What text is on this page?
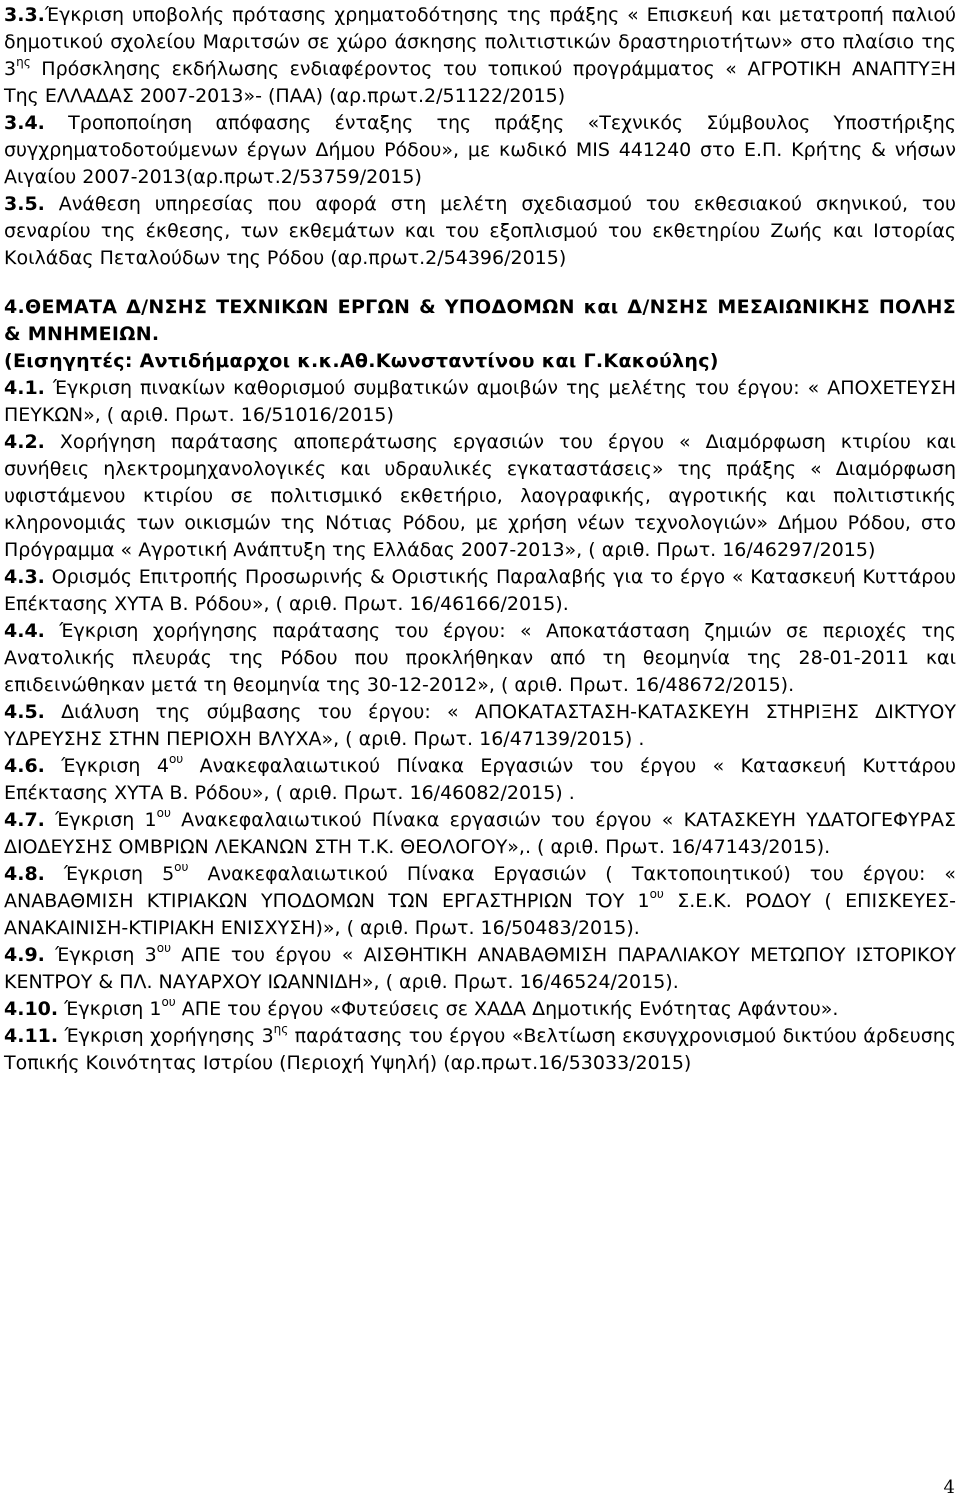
3.3.Έγκριση υποβολής πρότασης χρηματοδότησης της πράξης « Επισκευή και μετατροπή παλιού δημοτικού σχολείου Μαριτσών σε χώρο άσκησης πολιτιστικών δραστηριοτήτων» στο πλαίσιο της $3^{\eta\varsigma}$ Πρόσκλησης εκδήλωσης ενδιαφέροντος του τοπικού προγράμματος « ΑΓΡΟΤΙΚΗ ΑΝΑΠΤΥΞΗ Της ΕΛΛΑΔΑΣ 2007-2013»- (ΠΑΑ) (αρ.πρωτ.2/51122/2015)

3.4. Τροποποίηση απόφασης ένταξης της πράξης «Τεχνικός Σύμβουλος Υποστήριξης συγχρηματοδοτούμενων έργων Δήμου Ρόδου», με κωδικό MIS 441240 στο Ε.Π. Κρήτης & νήσων Αιγαίου 2007-2013(αρ.πρωτ.2/53759/2015)

3.5. Ανάθεση υπηρεσίας που αφορά στη μελέτη σχεδιασμού του εκθεσιακού σκηνικού, του σεναρίου της έκθεσης, των εκθεμάτων και του εξοπλισμού του εκθετηρίου Ζωής και Ιστορίας Κοιλάδας Πεταλούδων της Ρόδου (αρ.πρωτ.2/54396/2015)

4.ΘΕΜΑΤΑ Δ/ΝΣΗΣ ΤΕΧΝΙΚΩΝ ΕΡΓΩΝ & ΥΠΟΔΟΜΩΝ και Δ/ΝΣΗΣ ΜΕΣΑΙΩΝΙΚΗΣ ΠΟΛΗΣ & ΜΝΗΜΕΙΩΝ.

(Εισηγητές: Αντιδήμαρχοι κ.κ.Αθ.Κωνσταντίνου και Γ.Κακούλης)

4.1. Έγκριση πινακίων καθορισμού συμβατικών αμοιβών της μελέτης του έργου: « ΑΠΟΧΕΤΕΥΣΗ ΠΕΥΚΩΝ», ( αριθ. Πρωτ. 16/51016/2015)

4.2. Χορήγηση παράτασης αποπεράτωσης εργασιών του έργου « Διαμόρφωση κτιρίου και συνήθεις ηλεκτρομηχανολογικές και υδραυλικές εγκαταστάσεις» της πράξης « Διαμόρφωση υφιστάμενου κτιρίου σε πολιτισμικό εκθετήριο, λαογραφικής, αγροτικής και πολιτιστικής κληρονομιάς των οικισμών της Νότιας Ρόδου, με χρήση νέων τεχνολογιών» Δήμου Ρόδου, στο Πρόγραμμα « Αγροτική Ανάπτυξη της Ελλάδας 2007-2013», ( αριθ. Πρωτ. 16/46297/2015)

4.3. Ορισμός Επιτροπής Προσωρινής & Οριστικής Παραλαβής για το έργο « Κατασκευή Κυττάρου Επέκτασης ΧΥΤΑ Β. Ρόδου», ( αριθ. Πρωτ. 16/46166/2015).

4.4. Έγκριση χορήγησης παράτασης του έργου: « Αποκατάσταση ζημιών σε περιοχές της Ανατολικής πλευράς της Ρόδου που προκλήθηκαν από τη θεομηνία της 28-01-2011 και επιδεινώθηκαν μετά τη θεομηνία της 30-12-2012», ( αριθ. Πρωτ. 16/48672/2015).

4.5. Διάλυση της σύμβασης του έργου: « ΑΠΟΚΑΤΑΣΤΑΣΗ-ΚΑΤΑΣΚΕΥΗ ΣΤΗΡΙΞΗΣ ΔΙΚΤΥΟΥ ΥΔΡΕΥΣΗΣ ΣΤΗΝ ΠΕΡΙΟΧΗ ΒΛΥΧΑ», ( αριθ. Πρωτ. 16/47139/2015) .

4.6. Έγκριση $4^{o\upsilon}$ Ανακεφαλαιωτικού Πίνακα Εργασιών του έργου « Κατασκευή Κυττάρου Επέκτασης ΧΥΤΑ Β. Ρόδου», ( αριθ. Πρωτ. 16/46082/2015) .

4.7. Έγκριση $1^{o\upsilon}$ Ανακεφαλαιωτικού Πίνακα εργασιών του έργου « ΚΑΤΑΣΚΕΥΗ ΥΔΑΤΟΓΕΦΥΡΑΣ ΔΙΟΔΕΥΣΗΣ ΟΜΒΡΙΩΝ ΛΕΚΑΝΩΝ ΣΤΗ Τ.Κ. ΘΕΟΛΟΓΟΥ»,. ( αριθ. Πρωτ. 16/47143/2015).

4.8. Έγκριση $5^{o\upsilon}$ Ανακεφαλαιωτικού Πίνακα Εργασιών ( Τακτοποιητικού) του έργου: « ΑΝΑΒΑΘΜΙΣΗ ΚΤΙΡΙΑΚΩΝ ΥΠΟΔΟΜΩΝ ΤΩΝ ΕΡΓΑΣΤΗΡΙΩΝ ΤΟΥ $1^{o\upsilon}$ Σ.Ε.Κ. ΡΟΔΟΥ ( ΕΠΙΣΚΕΥΕΣ-ΑΝΑΚΑΙΝΙΣΗ-ΚΤΙΡΙΑΚΗ ΕΝΙΣΧΥΣΗ)», ( αριθ. Πρωτ. 16/50483/2015).

4.9. Έγκριση $3^{o\upsilon}$ ΑΠΕ του έργου « ΑΙΣΘΗΤΙΚΗ ΑΝΑΒΑΘΜΙΣΗ ΠΑΡΑΛΙΑΚΟΥ ΜΕΤΩΠΟΥ ΙΣΤΟΡΙΚΟΥ ΚΕΝΤΡΟΥ & ΠΛ. ΝΑΥΑΡΧΟΥ ΙΩΑΝΝΙΔΗ», ( αριθ. Πρωτ. 16/46524/2015).

4.10. Έγκριση $1^{o\upsilon}$ ΑΠΕ του έργου «Φυτεύσεις σε ΧΑΔΑ Δημοτικής Ενότητας Αφάντου».

4.11. Έγκριση χορήγησης $3^{\eta\varsigma}$ παράτασης του έργου «Βελτίωση εκσυγχρονισμού δικτύου άρδευσης Τοπικής Κοινότητας Ιστρίου (Περιοχή Υψηλή) (αρ.πρωτ.16/53033/2015)

4
